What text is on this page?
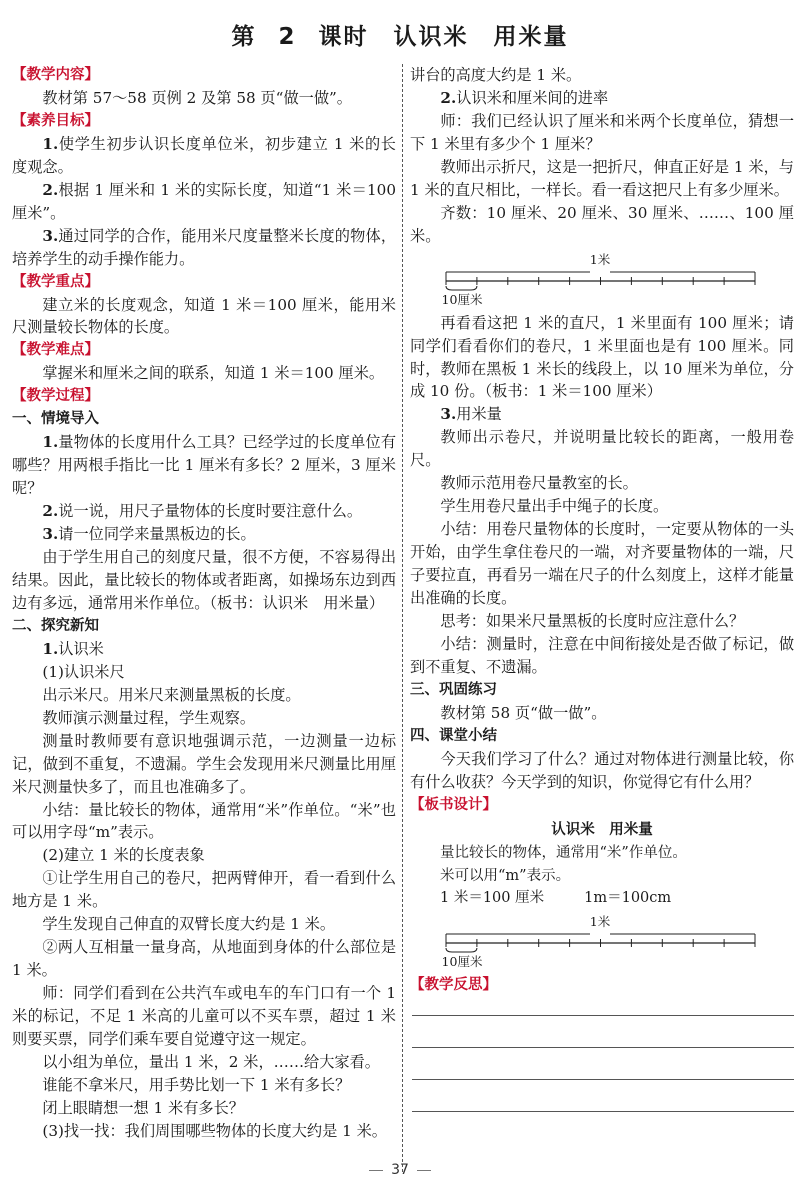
第 2 课时　认识米　用米量
【教学内容】
教材第 57～58 页例 2 及第 58 页“做一做”。
【素养目标】
1.使学生初步认识长度单位米，初步建立 1 米的长度观念。
2.根据 1 厘米和 1 米的实际长度，知道“1 米＝100 厘米”。
3.通过同学的合作，能用米尺度量整米长度的物体，培养学生的动手操作能力。
【教学重点】
建立米的长度观念，知道 1 米＝100 厘米，能用米尺测量较长物体的长度。
【教学难点】
掌握米和厘米之间的联系，知道 1 米＝100 厘米。
【教学过程】
一、情境导入
1.量物体的长度用什么工具？已经学过的长度单位有哪些？用两根手指比一比 1 厘米有多长？2 厘米，3 厘米呢？
2.说一说，用尺子量物体的长度时要注意什么。
3.请一位同学来量黑板边的长。
由于学生用自己的刻度尺量，很不方便，不容易得出结果。因此，量比较长的物体或者距离，如操场东边到西边有多远，通常用米作单位。（板书：认识米　用米量）
二、探究新知
1.认识米
(1)认识米尺
出示米尺。用米尺来测量黑板的长度。
教师演示测量过程，学生观察。
测量时教师要有意识地强调示范，一边测量一边标记，做到不重复，不遗漏。学生会发现用米尺测量比用厘米尺测量快多了，而且也准确多了。
小结：量比较长的物体，通常用“米”作单位。“米”也可以用字母“m”表示。
(2)建立 1 米的长度表象
①让学生用自己的卷尺，把两臂伸开，看一看到什么地方是 1 米。
学生发现自己伸直的双臂长度大约是 1 米。
②两人互相量一量身高，从地面到身体的什么部位是 1 米。
师：同学们看到在公共汽车或电车的车门口有一个 1 米的标记，不足 1 米高的儿童可以不买车票，超过 1 米则要买票，同学们乘车要自觉遵守这一规定。
以小组为单位，量出 1 米，2 米，……给大家看。
谁能不拿米尺，用手势比划一下 1 米有多长？
闭上眼睛想一想 1 米有多长？
(3)找一找：我们周围哪些物体的长度大约是 1 米。
讲台的高度大约是 1 米。
2.认识米和厘米间的进率
师：我们已经认识了厘米和米两个长度单位，猜想一下 1 米里有多少个 1 厘米？
教师出示折尺，这是一把折尺，伸直正好是 1 米，与 1 米的直尺相比，一样长。看一看这把尺上有多少厘米。
齐数：10 厘米、20 厘米、30 厘米、……、100 厘米。
1米
10厘米
再看看这把 1 米的直尺，1 米里面有 100 厘米；请同学们看看你们的卷尺，1 米里面也是有 100 厘米。同时，教师在黑板 1 米长的线段上，以 10 厘米为单位，分成 10 份。（板书：1 米＝100 厘米）
3.用米量
教师出示卷尺，并说明量比较长的距离，一般用卷尺。
教师示范用卷尺量教室的长。
学生用卷尺量出手中绳子的长度。
小结：用卷尺量物体的长度时，一定要从物体的一头开始，由学生拿住卷尺的一端，对齐要量物体的一端，尺子要拉直，再看另一端在尺子的什么刻度上，这样才能量出准确的长度。
思考：如果米尺量黑板的长度时应注意什么？
小结：测量时，注意在中间衔接处是否做了标记，做到不重复、不遗漏。
三、巩固练习
教材第 58 页“做一做”。
四、课堂小结
今天我们学习了什么？通过对物体进行测量比较，你有什么收获？今天学到的知识，你觉得它有什么用？
【板书设计】
认识米　用米量
量比较长的物体，通常用“米”作单位。
米可以用“m”表示。
1 米＝100 厘米	1m＝100cm
1米
10厘米
【教学反思】
37
